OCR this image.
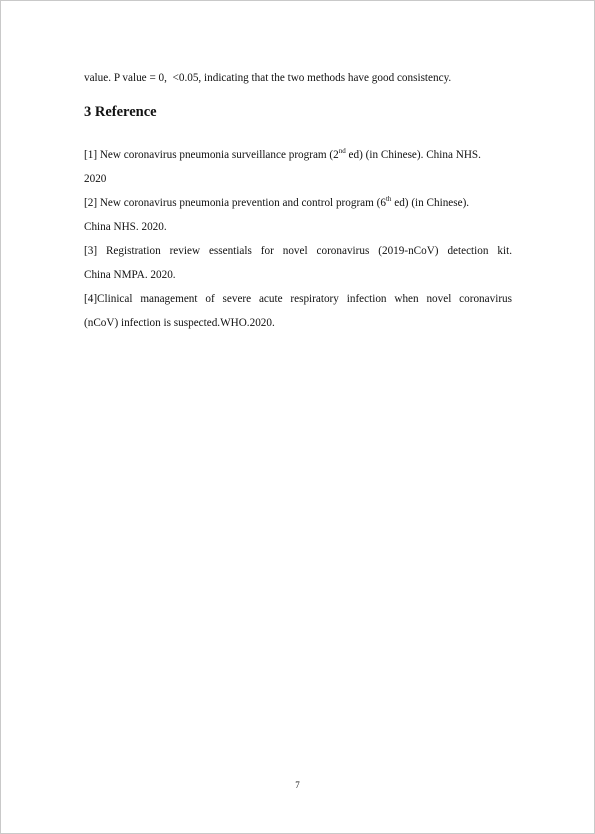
value. P value = 0,  <0.05, indicating that the two methods have good consistency.
3 Reference
[1] New coronavirus pneumonia surveillance program (2nd ed) (in Chinese). China NHS.
2020
[2] New coronavirus pneumonia prevention and control program (6th ed) (in Chinese).
China NHS. 2020.
[3] Registration review essentials for novel coronavirus (2019-nCoV) detection kit.
China NMPA. 2020.
[4]Clinical management of severe acute respiratory infection when novel coronavirus
(nCoV) infection is suspected.WHO.2020.
7
